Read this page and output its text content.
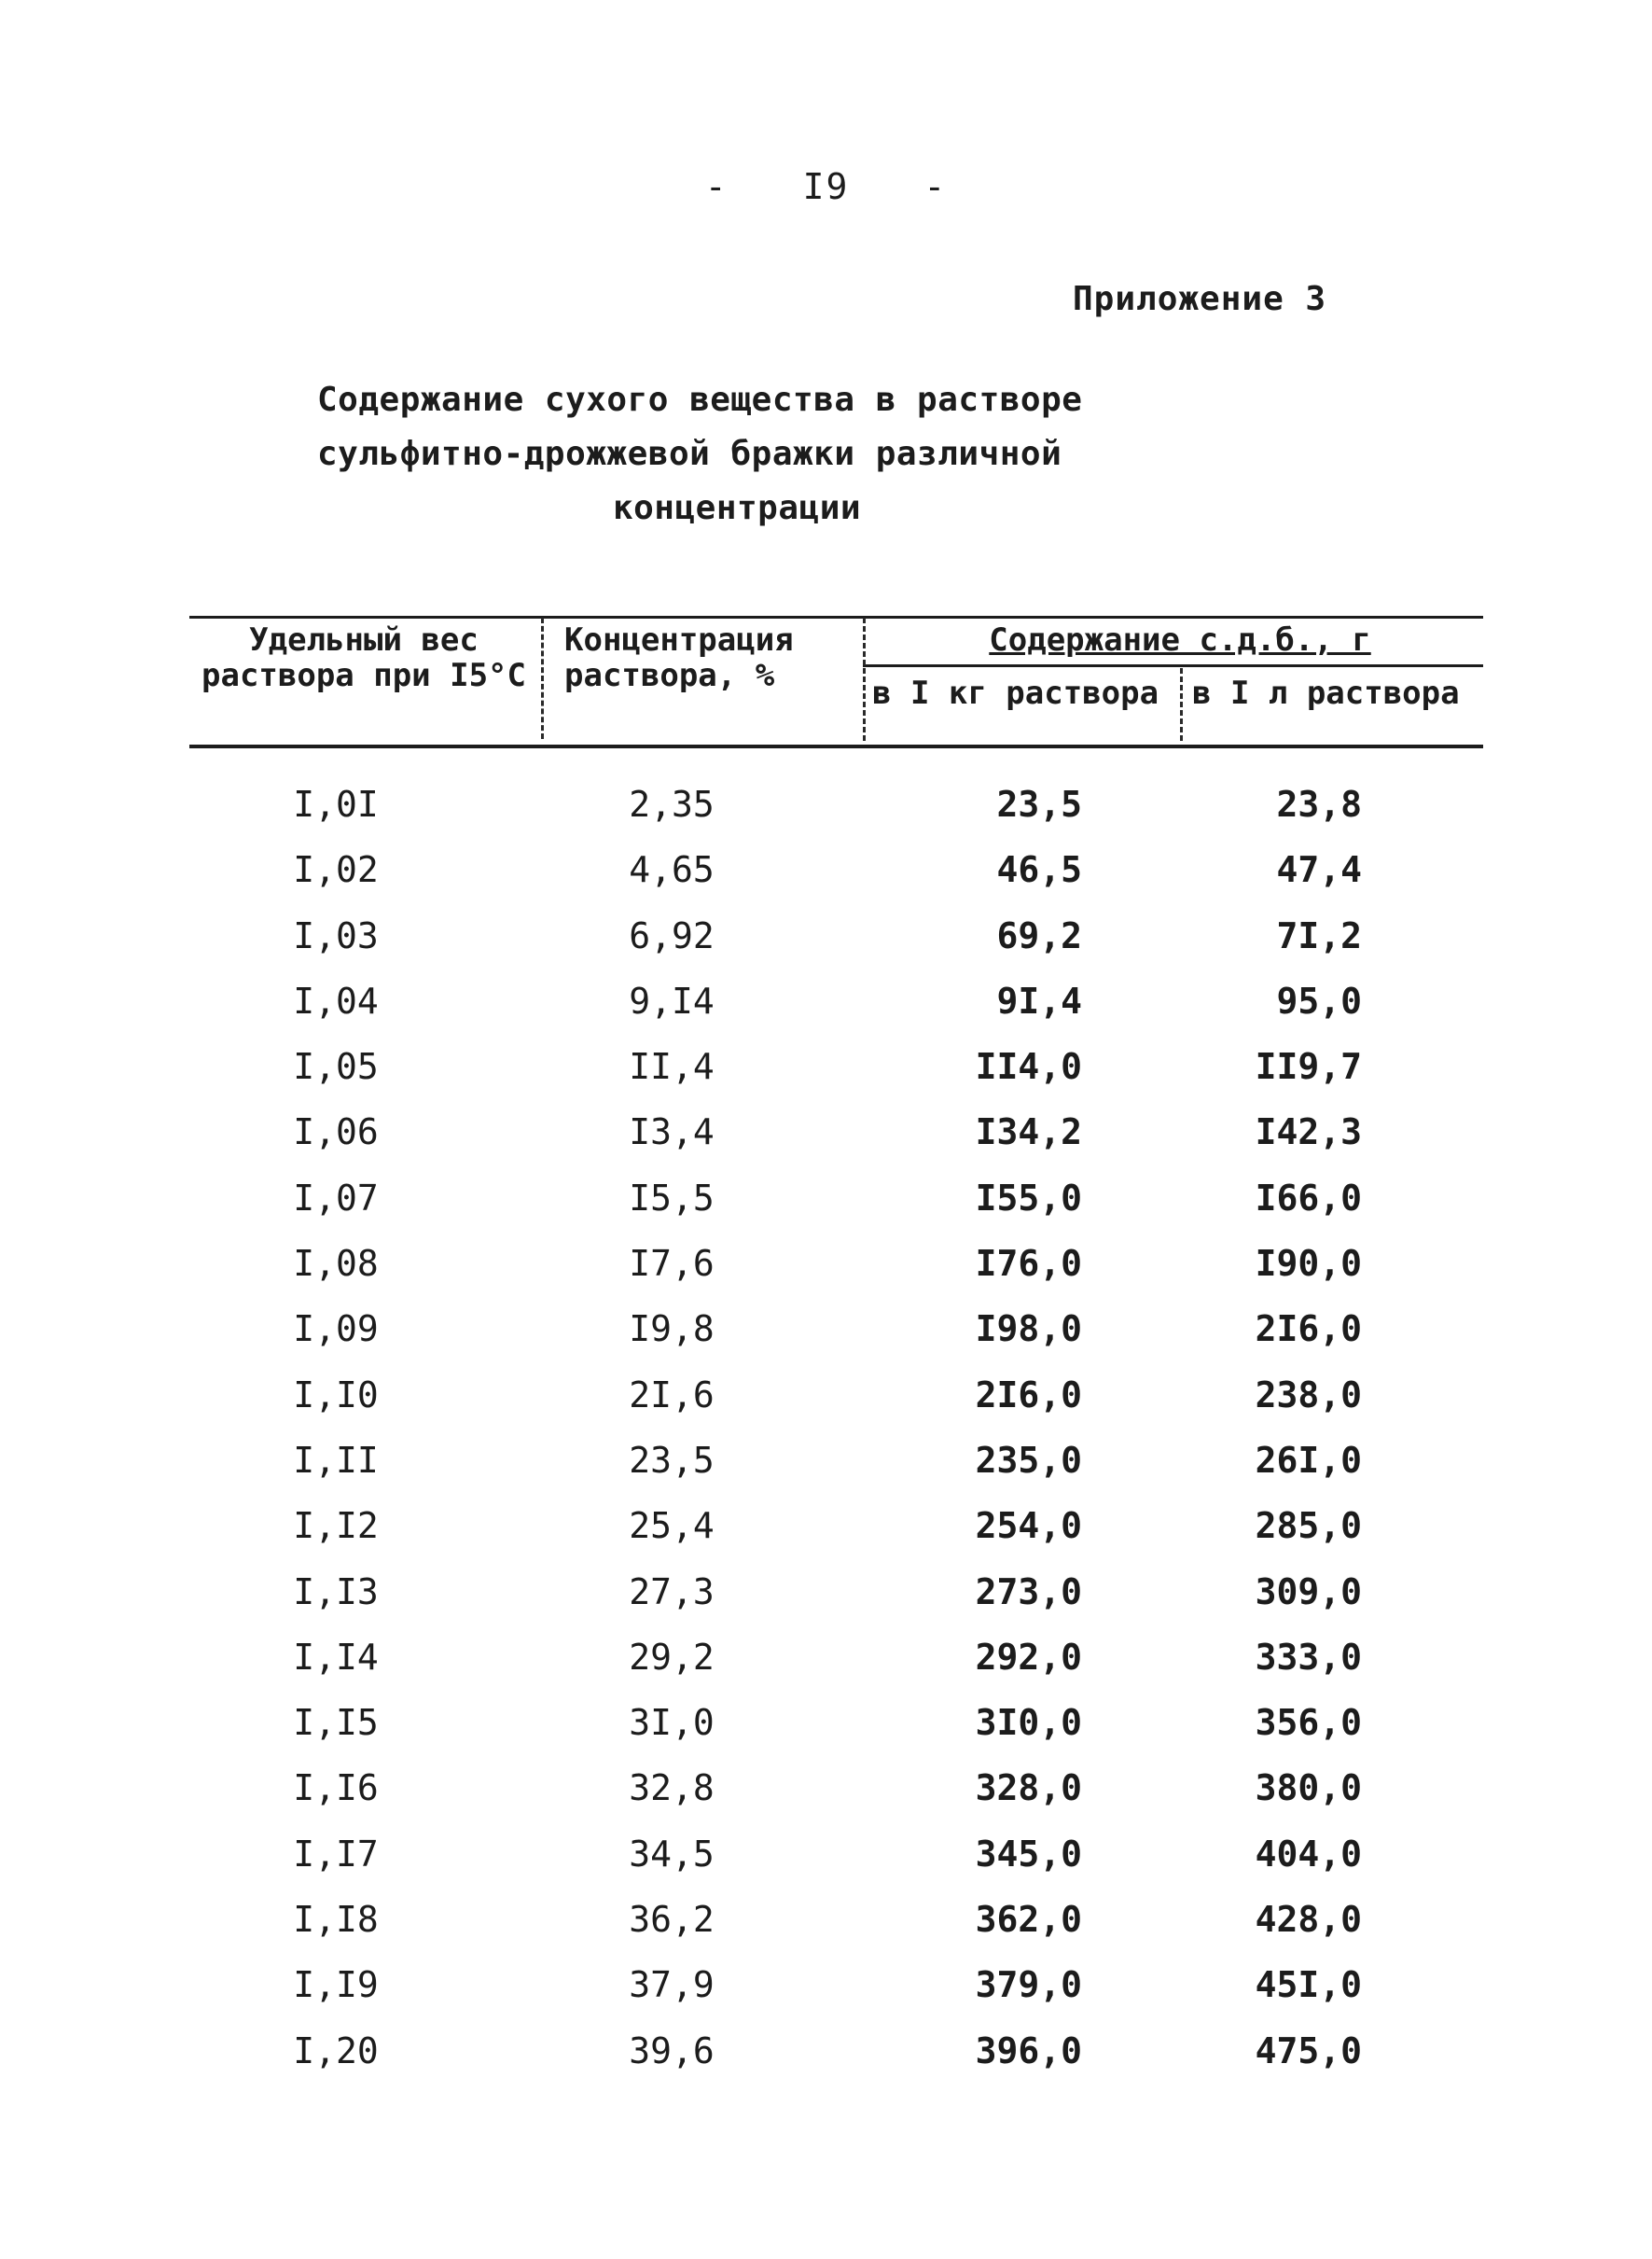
- I9 -
Приложение 3
Содержание сухого вещества в растворе
сульфитно-дрожжевой бражки различной

концентрации
Удельный вес раствора при I5°С
Концентрация раствора, %
Содержание с.д.б., г
в I кг раствора	в I л раствора
I,0I	2,35	23,5	23,8
I,02	4,65	46,5	47,4
I,03	6,92	69,2	7I,2
I,04	9,I4	9I,4	95,0
I,05	II,4	II4,0	II9,7
I,06	I3,4	I34,2	I42,3
I,07	I5,5	I55,0	I66,0
I,08	I7,6	I76,0	I90,0
I,09	I9,8	I98,0	2I6,0
I,I0	2I,6	2I6,0	238,0
I,II	23,5	235,0	26I,0
I,I2	25,4	254,0	285,0
I,I3	27,3	273,0	309,0
I,I4	29,2	292,0	333,0
I,I5	3I,0	3I0,0	356,0
I,I6	32,8	328,0	380,0
I,I7	34,5	345,0	404,0
I,I8	36,2	362,0	428,0
I,I9	37,9	379,0	45I,0
I,20	39,6	396,0	475,0
